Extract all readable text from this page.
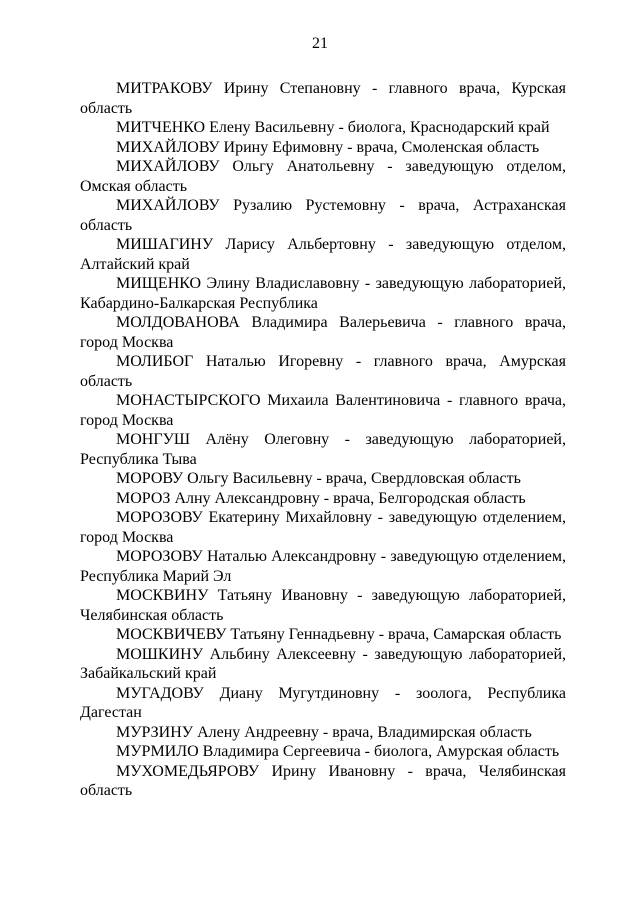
21

МИТРАКОВУ Ирину Степановну - главного врача, Курская область

МИТЧЕНКО Елену Васильевну - биолога, Краснодарский край

МИХАЙЛОВУ Ирину Ефимовну - врача, Смоленская область

МИХАЙЛОВУ Ольгу Анатольевну - заведующую отделом, Омская область

МИХАЙЛОВУ Рузалию Рустемовну - врача, Астраханская область

МИШАГИНУ Ларису Альбертовну - заведующую отделом, Алтайский край

МИЩЕНКО Элину Владиславовну - заведующую лабораторией, Кабардино-Балкарская Республика

МОЛДОВАНОВА Владимира Валерьевича - главного врача, город Москва

МОЛИБОГ Наталью Игоревну - главного врача, Амурская область

МОНАСТЫРСКОГО Михаила Валентиновича - главного врача, город Москва

МОНГУШ Алёну Олеговну - заведующую лабораторией, Республика Тыва

МОРОВУ Ольгу Васильевну - врача, Свердловская область

МОРОЗ Алну Александровну - врача, Белгородская область

МОРОЗОВУ Екатерину Михайловну - заведующую отделением, город Москва

МОРОЗОВУ Наталью Александровну - заведующую отделением, Республика Марий Эл

МОСКВИНУ Татьяну Ивановну - заведующую лабораторией, Челябинская область

МОСКВИЧЕВУ Татьяну Геннадьевну - врача, Самарская область

МОШКИНУ Альбину Алексеевну - заведующую лабораторией, Забайкальский край

МУГАДОВУ Диану Мугутдиновну - зоолога, Республика Дагестан

МУРЗИНУ Алену Андреевну - врача, Владимирская область

МУРМИЛО Владимира Сергеевича - биолога, Амурская область

МУХОМЕДЬЯРОВУ Ирину Ивановну - врача, Челябинская область
